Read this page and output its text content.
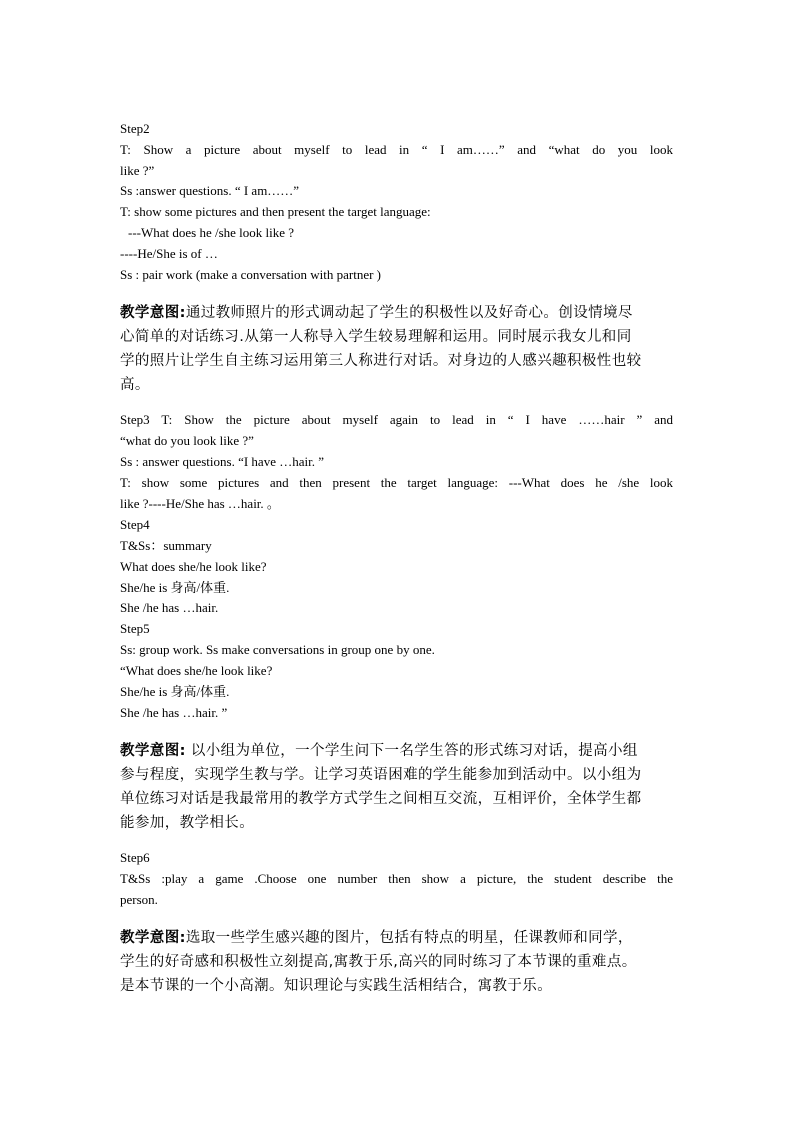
Step2
T: Show a picture about myself to lead in “ I am……” and “what do you look
like ?”
Ss :answer questions. “ I am……”
T: show some pictures and then present the target language:
---What does he /she look like ?
----He/She is of …
Ss : pair work (make a conversation with partner )
教学意图:通过教师照片的形式调动起了学生的积极性以及好奇心。创设情境尽
心简单的对话练习.从第一人称导入学生较易理解和运用。同时展示我女儿和同
学的照片让学生自主练习运用第三人称进行对话。对身边的人感兴趣积极性也较
高。
Step3 T: Show the picture about myself again to lead in “ I have ……hair ” and
“what do you look like ?”
Ss : answer questions. “I have …hair. ”
T: show some pictures and then present the target language: ---What does he /she look
like ?----He/She has …hair. 。
Step4
T&Ss：summary
What does she/he look like?
She/he is 身高/体重.
She /he has …hair.
Step5
Ss: group work. Ss make conversations in group one by one.
“What does she/he look like?
She/he is 身高/体重.
She /he has …hair. ”
教学意图: 以小组为单位，一个学生问下一名学生答的形式练习对话，提高小组
参与程度，实现学生教与学。让学习英语困难的学生能参加到活动中。以小组为
单位练习对话是我最常用的教学方式学生之间相互交流，互相评价，全体学生都
能参加，教学相长。
Step6
T&Ss :play a game .Choose one number then show a picture, the student describe the
person.
教学意图:选取一些学生感兴趣的图片，包括有特点的明星，任课教师和同学，
学生的好奇感和积极性立刻提高,寓教于乐,高兴的同时练习了本节课的重难点。
是本节课的一个小高潮。知识理论与实践生活相结合，寓教于乐。
